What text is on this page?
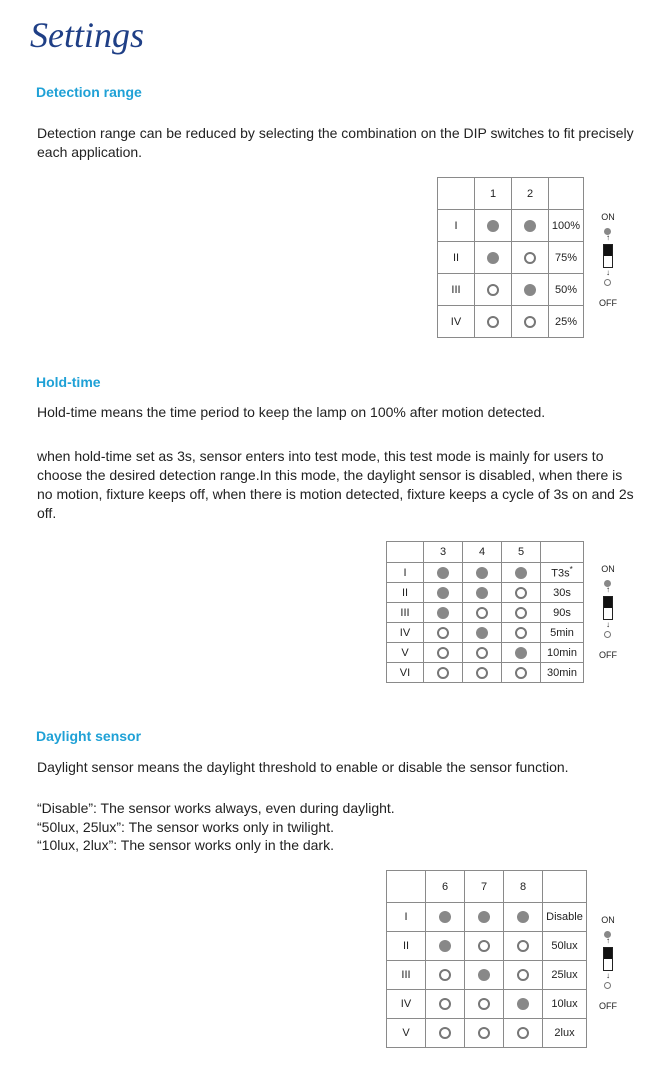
Settings
Detection range
Detection range can be reduced by selecting the combination on the DIP switches to fit precisely each application.
	1	2	
I			100%
II			75%
III			50%
IV			25%
ON
↑
↓
OFF
Hold-time
Hold-time means the time period to keep the lamp on 100% after motion detected.
when hold-time set as 3s, sensor enters into test mode, this test mode is mainly for users to choose the desired detection range.In this mode, the daylight sensor is disabled, when there is no motion, fixture keeps off, when there is motion detected, fixture keeps a cycle of 3s on and 2s off.
	3	4	5	
I				T3s*
II				30s
III				90s
IV				5min
V				10min
VI				30min
ON
↑
↓
OFF
Daylight sensor
Daylight sensor means the daylight threshold to enable or disable the sensor function.
“Disable”: The sensor works always, even during daylight.
“50lux, 25lux”: The sensor works only in twilight.
“10lux, 2lux”: The sensor works only in the dark.
	6	7	8	
I				Disable
II				50lux
III				25lux
IV				10lux
V				2lux
ON
↑
↓
OFF
